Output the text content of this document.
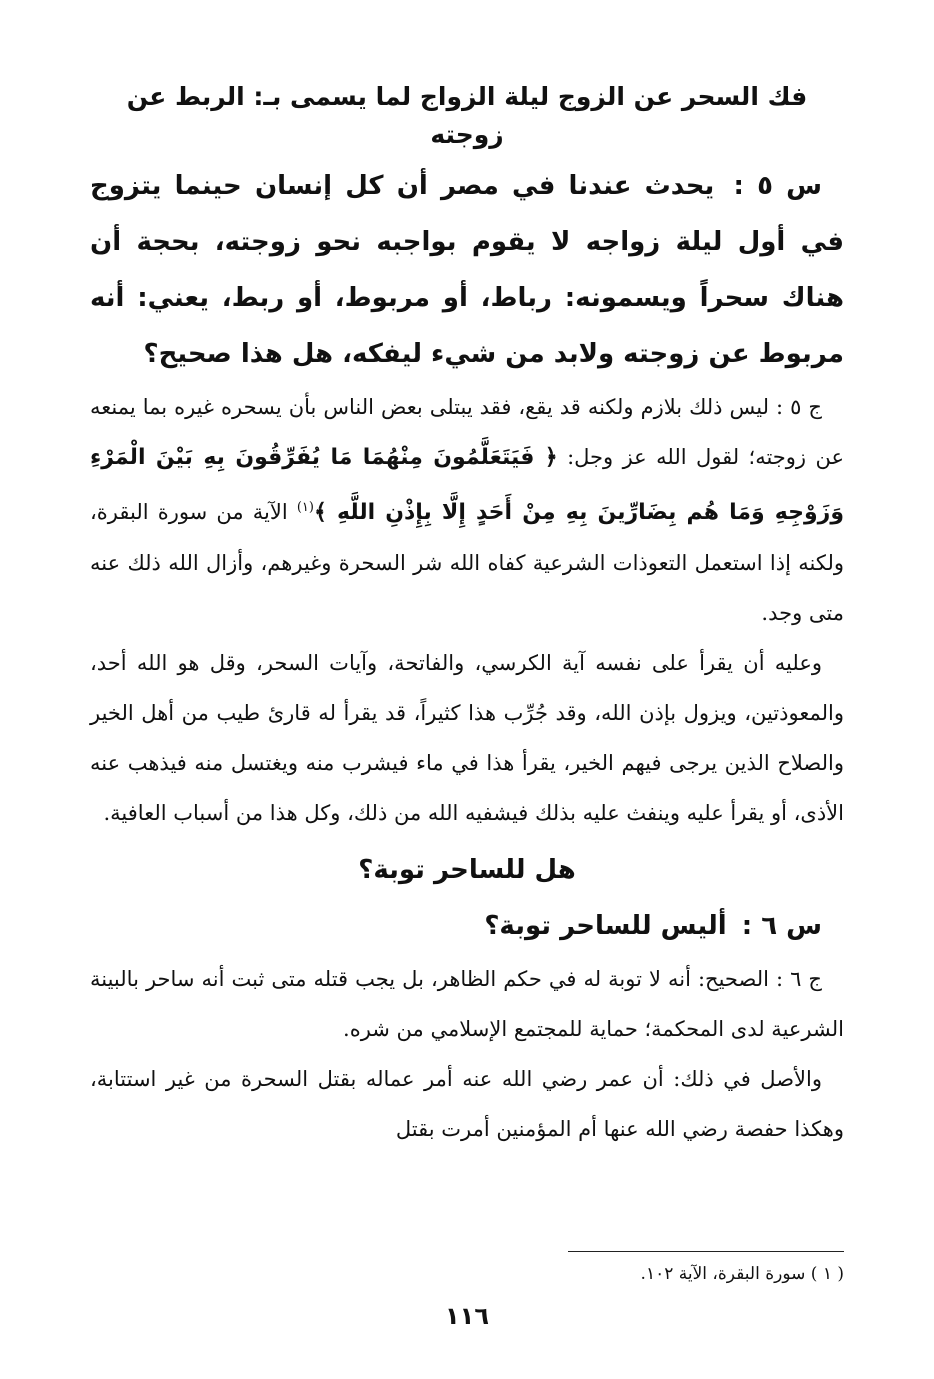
فك السحر عن الزوج ليلة الزواج لما يسمى بـ: الربط عن زوجته

س ٥ : يحدث عندنا في مصر أن كل إنسان حينما يتزوج في أول ليلة زواجه لا يقوم بواجبه نحو زوجته، بحجة أن هناك سحراً ويسمونه: رباط، أو مربوط، أو ربط، يعني: أنه مربوط عن زوجته ولابد من شيء ليفكه، هل هذا صحيح؟

ج ٥ : ليس ذلك بلازم ولكنه قد يقع، فقد يبتلى بعض الناس بأن يسحره غيره بما يمنعه عن زوجته؛ لقول الله عز وجل: ﴿ فَيَتَعَلَّمُونَ مِنْهُمَا مَا يُفَرِّقُونَ بِهِ بَيْنَ الْمَرْءِ وَزَوْجِهِ وَمَا هُم بِضَارِّينَ بِهِ مِنْ أَحَدٍ إِلَّا بِإِذْنِ اللَّهِ ﴾$^{(١)}$ الآية من سورة البقرة، ولكنه إذا استعمل التعوذات الشرعية كفاه الله شر السحرة وغيرهم، وأزال الله ذلك عنه متى وجد.

وعليه أن يقرأ على نفسه آية الكرسي، والفاتحة، وآيات السحر، وقل هو الله أحد، والمعوذتين، ويزول بإذن الله، وقد جُرِّب هذا كثيراً، قد يقرأ له قارئ طيب من أهل الخير والصلاح الذين يرجى فيهم الخير، يقرأ هذا في ماء فيشرب منه ويغتسل منه فيذهب عنه الأذى، أو يقرأ عليه وينفث عليه بذلك فيشفيه الله من ذلك، وكل هذا من أسباب العافية.

هل للساحر توبة؟

س ٦ : أليس للساحر توبة؟

ج ٦ : الصحيح: أنه لا توبة له في حكم الظاهر، بل يجب قتله متى ثبت أنه ساحر بالبينة الشرعية لدى المحكمة؛ حماية للمجتمع الإسلامي من شره.

والأصل في ذلك: أن عمر رضي الله عنه أمر عماله بقتل السحرة من غير استتابة، وهكذا حفصة رضي الله عنها أم المؤمنين أمرت بقتل

( ١ ) سورة البقرة، الآية ١٠٢.
١١٦
